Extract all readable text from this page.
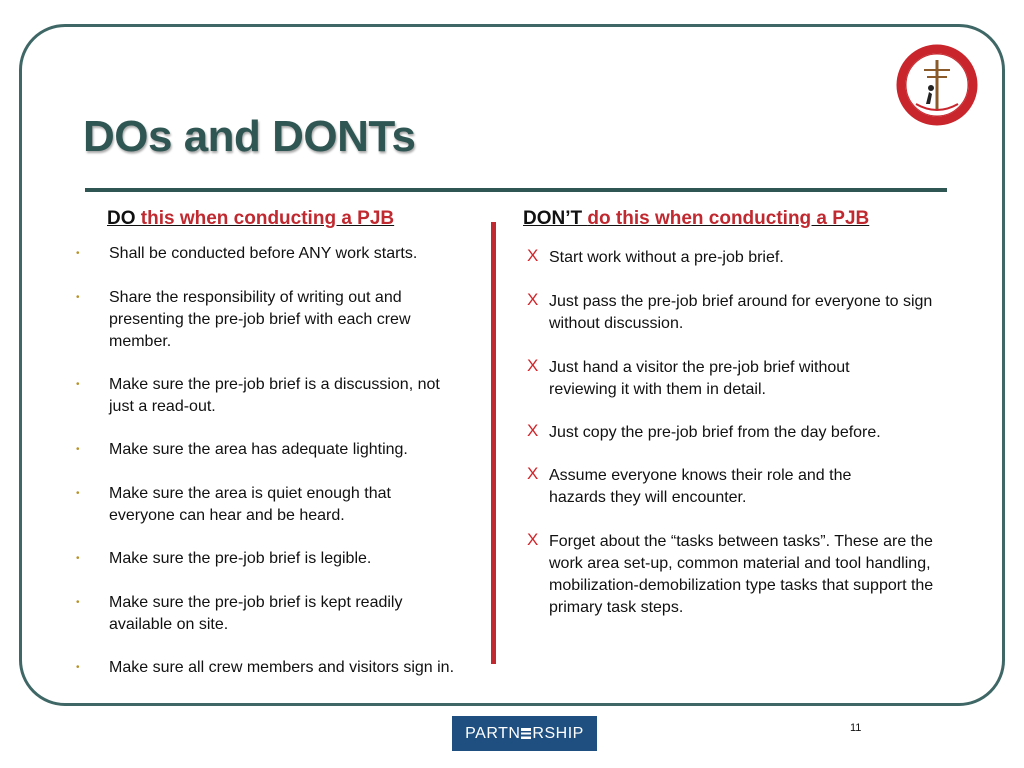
DOs and DONTs
DO this when conducting a PJB	DON’T do this when conducting a PJB
• Shall be conducted before ANY work starts.
• Share the responsibility of writing out and presenting the pre-job brief with each crew member.
• Make sure the pre-job brief is a discussion, not just a read-out.
• Make sure the area has adequate lighting.
• Make sure the area is quiet enough that everyone can hear and be heard.
• Make sure the pre-job brief is legible.
• Make sure the pre-job brief is kept readily available on site.
• Make sure all crew members and visitors sign in.
X Start work without a pre-job brief.
X Just pass the pre-job brief around for everyone to sign without discussion.
X Just hand a visitor the pre-job brief without reviewing it with them in detail.
X Just copy the pre-job brief from the day before.
X Assume everyone knows their role and the hazards they will encounter.
X Forget about the “tasks between tasks”. These are the work area set-up, common material and tool handling, mobilization-demobilization type tasks that support the primary task steps.
PARTN RSHIP	11
